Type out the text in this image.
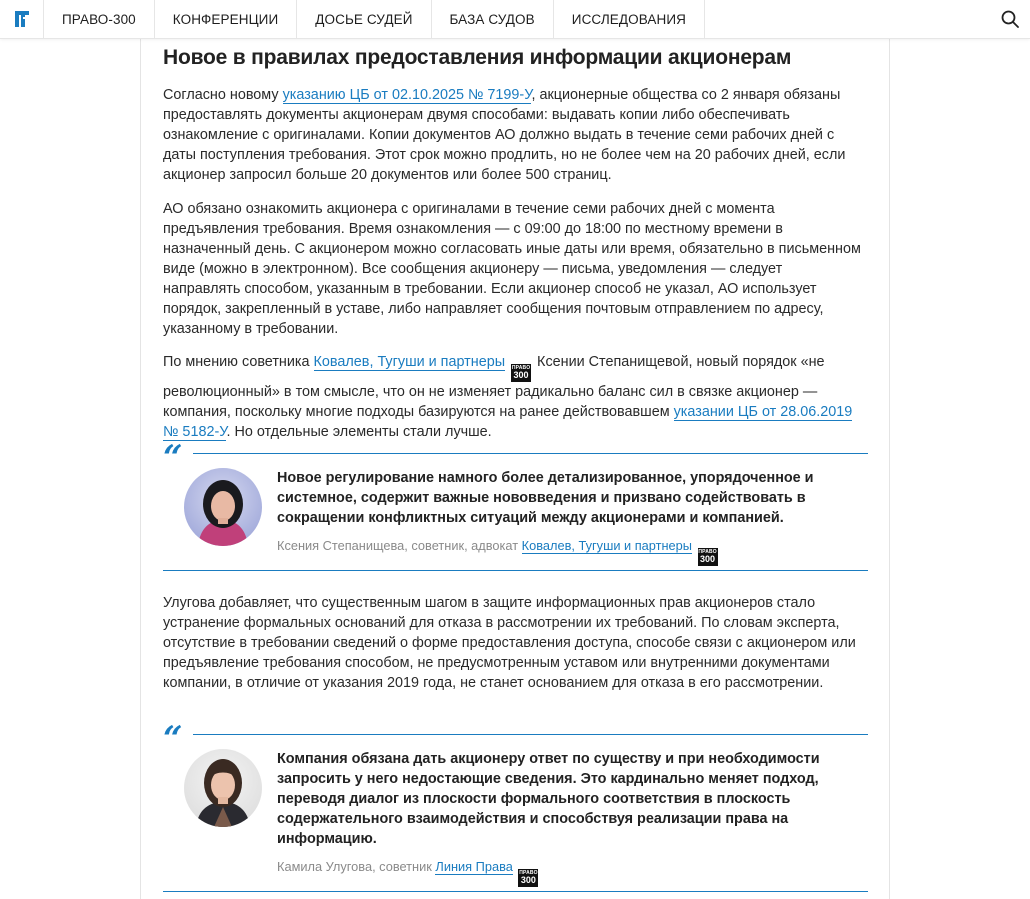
ПРАВО-300	КОНФЕРЕНЦИИ	ДОСЬЕ СУДЕЙ	БАЗА СУДОВ	ИССЛЕДОВАНИЯ
Новое в правилах предоставления информации акционерам

Согласно новому указанию ЦБ от 02.10.2025 № 7199-У, акционерные общества со 2 января обязаны предоставлять документы акционерам двумя способами: выдавать копии либо обеспечивать ознакомление с оригиналами. Копии документов АО должно выдать в течение семи рабочих дней с даты поступления требования. Этот срок можно продлить, но не более чем на 20 рабочих дней, если акционер запросил больше 20 документов или более 500 страниц.

АО обязано ознакомить акционера с оригиналами в течение семи рабочих дней с момента предъявления требования. Время ознакомления — с 09:00 до 18:00 по местному времени в назначенный день. С акционером можно согласовать иные даты или время, обязательно в письменном виде (можно в электронном). Все сообщения акционеру — письма, уведомления — следует направлять способом, указанным в требовании. Если акционер способ не указал, АО использует порядок, закрепленный в уставе, либо направляет сообщения почтовым отправлением по адресу, указанному в требовании.

По мнению советника Ковалев, Тугуши и партнеры ПРАВО
300
Ксении Степанищевой, новый порядок «не революционный» в том смысле, что он не изменяет радикально баланс сил в связке акционер — компания, поскольку многие подходы базируются на ранее действовавшем указании ЦБ от 28.06.2019 № 5182-У. Но отдельные элементы стали лучше.

“	Новое регулирование намного более детализированное, упорядоченное и системное, содержит важные нововведения и призвано содействовать в сокращении конфликтных ситуаций между акционерами и компанией.
Ксения Степанищева, советник, адвокат Ковалев, Тугуши и партнеры ПРАВО
300

Улугова добавляет, что существенным шагом в защите информационных прав акционеров стало устранение формальных оснований для отказа в рассмотрении их требований. По словам эксперта, отсутствие в требовании сведений о форме предоставления доступа, способе связи с акционером или предъявление требования способом, не предусмотренным уставом или внутренними документами компании, в отличие от указания 2019 года, не станет основанием для отказа в его рассмотрении.

“	Компания обязана дать акционеру ответ по существу и при необходимости запросить у него недостающие сведения. Это кардинально меняет подход, переводя диалог из плоскости формального соответствия в плоскость содержательного взаимодействия и способствуя реализации права на информацию.
Камила Улугова, советник Линия Права ПРАВО
300
